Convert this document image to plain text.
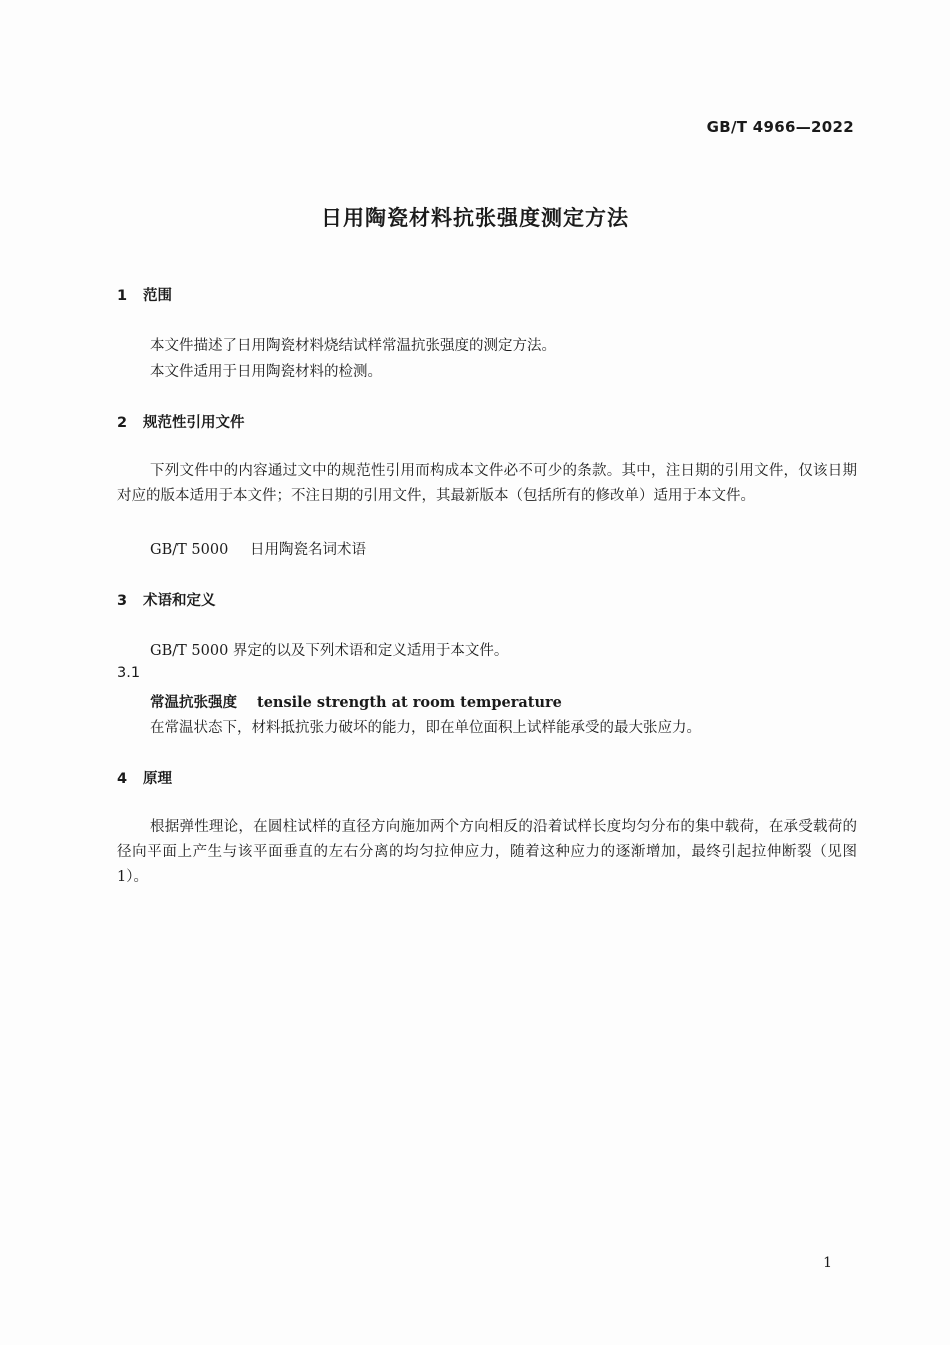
GB/T 4966—2022
日用陶瓷材料抗张强度测定方法
1 范围
本文件描述了日用陶瓷材料烧结试样常温抗张强度的测定方法。
本文件适用于日用陶瓷材料的检测。
2 规范性引用文件
下列文件中的内容通过文中的规范性引用而构成本文件必不可少的条款。其中，注日期的引用文件，仅该日期对应的版本适用于本文件；不注日期的引用文件，其最新版本（包括所有的修改单）适用于本文件。
GB/T 5000 日用陶瓷名词术语
3 术语和定义
GB/T 5000 界定的以及下列术语和定义适用于本文件。
3.1
常温抗张强度 tensile strength at room temperature
在常温状态下，材料抵抗张力破坏的能力，即在单位面积上试样能承受的最大张应力。
4 原理
根据弹性理论，在圆柱试样的直径方向施加两个方向相反的沿着试样长度均匀分布的集中载荷，在承受载荷的径向平面上产生与该平面垂直的左右分离的均匀拉伸应力，随着这种应力的逐渐增加，最终引起拉伸断裂（见图 1）。
1
